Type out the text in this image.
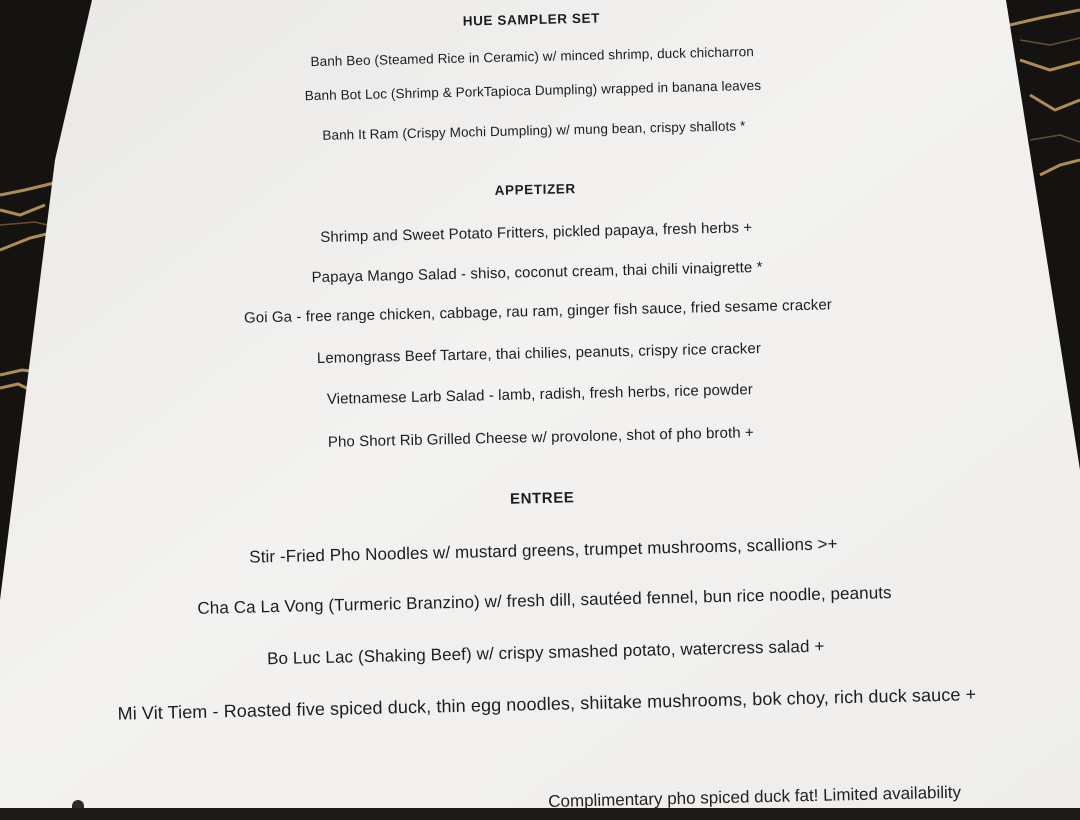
HUE SAMPLER SET
Banh Beo (Steamed Rice in Ceramic) w/ minced shrimp, duck chicharron
Banh Bot Loc (Shrimp & PorkTapioca Dumpling) wrapped in banana leaves
Banh It Ram (Crispy Mochi Dumpling) w/ mung bean, crispy shallots *
APPETIZER
Shrimp and Sweet Potato Fritters, pickled papaya, fresh herbs +
Papaya Mango Salad - shiso, coconut cream, thai chili vinaigrette *
Goi Ga - free range chicken, cabbage, rau ram, ginger fish sauce, fried sesame cracker
Lemongrass Beef Tartare, thai chilies, peanuts, crispy rice cracker
Vietnamese Larb Salad - lamb, radish, fresh herbs, rice powder
Pho Short Rib Grilled Cheese w/ provolone, shot of pho broth +
ENTREE
Stir -Fried Pho Noodles w/ mustard greens, trumpet mushrooms, scallions >+
Cha Ca La Vong (Turmeric Branzino) w/ fresh dill, sautéed fennel, bun rice noodle, peanuts
Bo Luc Lac (Shaking Beef) w/ crispy smashed potato, watercress salad +
Mi Vit Tiem - Roasted five spiced duck, thin egg noodles, shiitake mushrooms, bok choy, rich duck sauce +
Complimentary pho spiced duck fat! Limited availability
